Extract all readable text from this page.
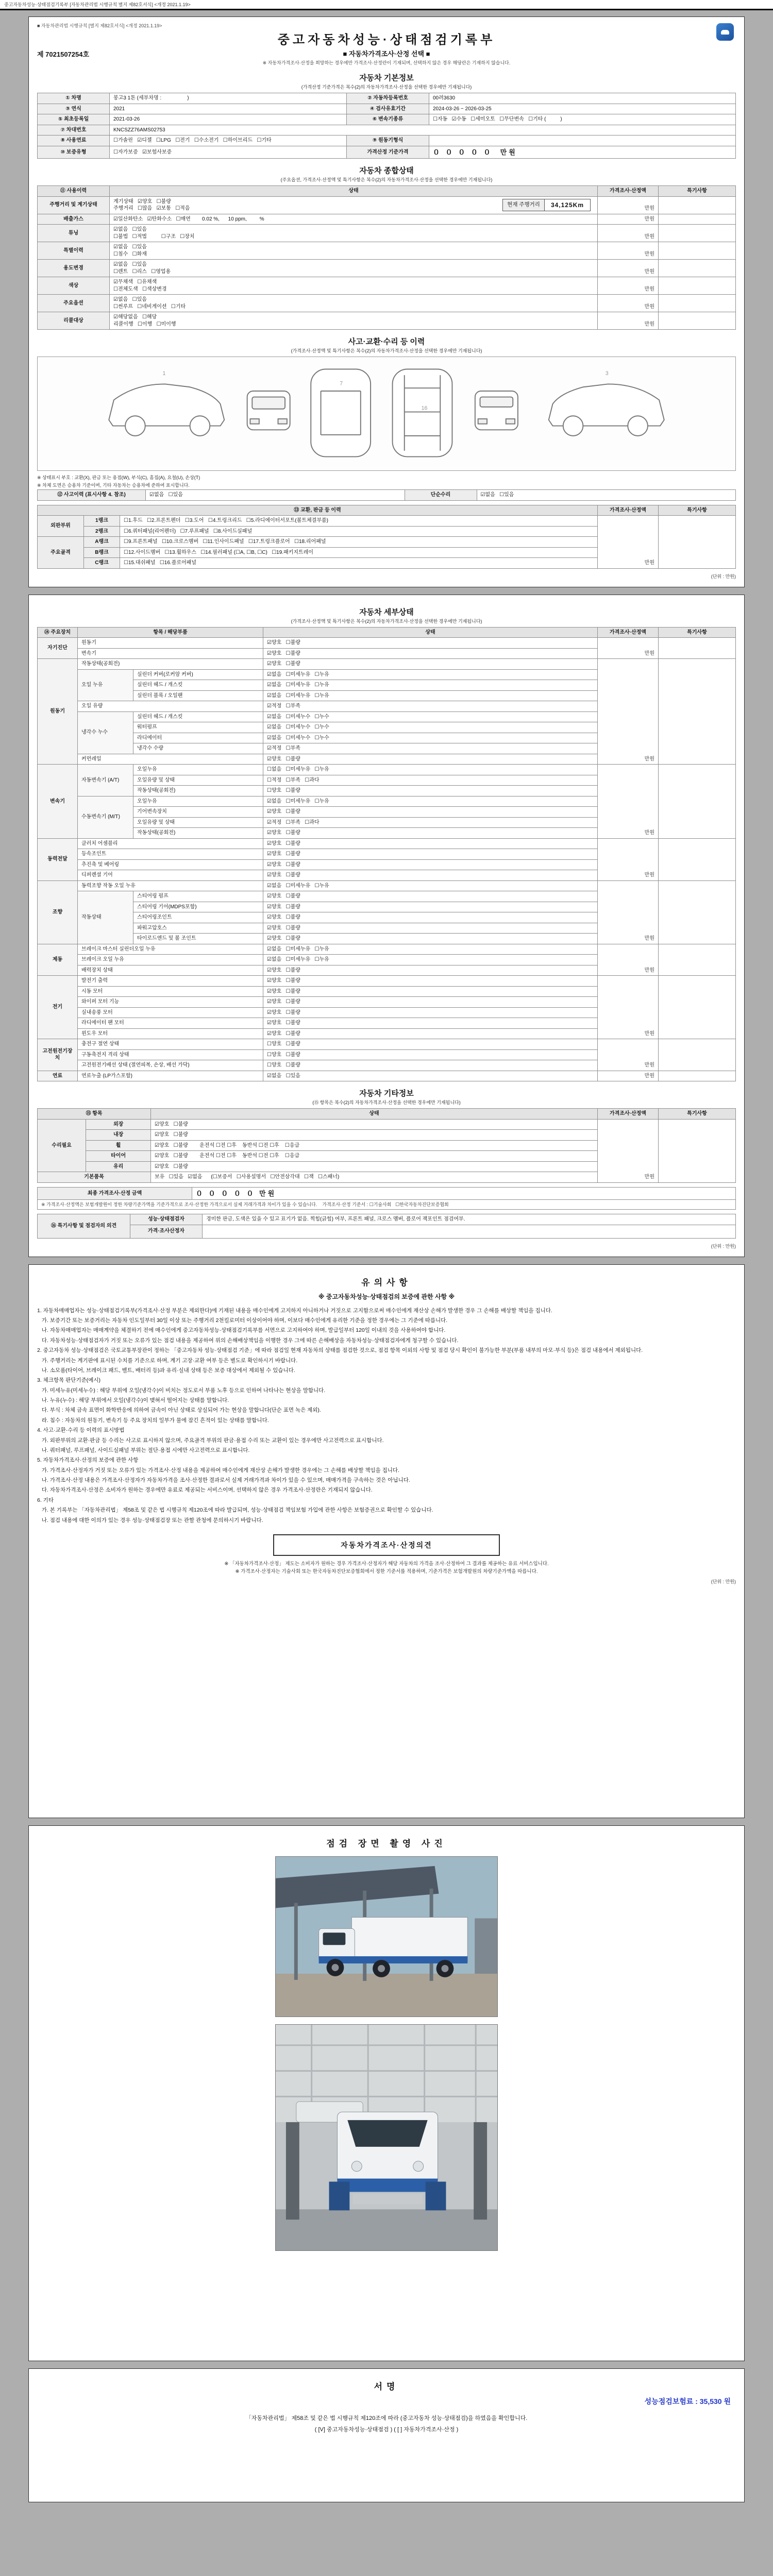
중고자동차성능·상태점검기록부 [자동차관리법 시행규칙 별지 제82호서식] <개정 2021.1.19>
■ 자동차관리법 시행규칙 [별지 제82호서식] <개정 2021.1.19>
중고자동차성능·상태점검기록부
■ 자동차가격조사·산정 선택 ■
※ 자동차가격조사·산정을 희망하는 경우에만 가격조사·산정란이 기재되며, 선택하지 않은 경우 해당란은 기재하지 않습니다.
제 7021507254호
자동차 기본정보
(가격산정 기준가격은 복수(2)의 자동차가격조사·산정을 선택한 경우에만 기재됩니다)
① 차명	봉고3 1톤 (세부차명 :                  )	② 자동차등록번호	00려3630
③ 연식	2021	④ 검사유효기간	2024-03-26 ~ 2026-03-25
⑤ 최초등록일	2021-03-26	⑥ 변속기종류	☐자동   ☑수동   ☐세미오토   ☐무단변속   ☐기타 (          )
⑦ 차대번호	KNCSZZ76AMS02753		
⑧ 사용연료	☐가솔린   ☑디젤   ☐LPG   ☐전기   ☐수소전기   ☐하이브리드   ☐기타	⑨ 원동기형식	
⑩ 보증유형	☐자가보증   ☑보험사보증	가격산정 기준가격	０ ０ ０ ０ ０  만원
자동차 종합상태
(주요옵션, 가격조사·산정액 및 특기사항은 복수(2)의 자동차가격조사·산정을 선택한 경우에만 기재됩니다)
⑪ 사용이력	상태	가격조사·산정액	특기사항
주행거리 및 계기상태	계기상태   ☑양호   ☐불량
주행거리   ☐많음   ☑보통   ☐적음
현재 주행거리 34,125Km	만원	
배출가스	☑일산화탄소   ☑탄화수소   ☐매연        0.02 %,      10 ppm,         %	만원	
튜닝	☑없음   ☐있음
☐불법   ☐적법          ☐구조   ☐장치	만원	
특별이력	☑없음   ☐있음
☐침수   ☐화재	만원	
용도변경	☑없음   ☐있음
☐렌트   ☐리스   ☐영업용	만원	
색상	☑무채색   ☐유채색
☐전체도색   ☐색상변경	만원	
주요옵션	☑없음   ☐있음
☐썬루프   ☐네비게이션   ☐기타	만원	
리콜대상	☑해당없음   ☐해당
리콜이행   ☐이행   ☐미이행	만원	
사고·교환·수리 등 이력
(가격조사·산정액 및 특기사항은 복수(2)의 자동차가격조사·산정을 선택한 경우에만 기재됩니다)
1
7
16
3
※ 상태표시 부호 : 교환(X), 판금 또는 용접(W), 부식(C), 흠집(A), 요철(U), 손상(T)
※ 차체 도면은 승용차 기준이며, 기타 자동차는 승용차에 준하여 표시합니다.
⑫ 사고이력 (표시사항 4. 참조)	☑없음   ☐있음	단순수리	☑없음   ☐있음
⑬ 교환, 판금 등 이력			가격조사·산정액	특기사항
외판부위	1랭크	☐1.후드   ☐2.프론트펜더   ☐3.도어   ☐4.트렁크리드   ☐5.라디에이터서포트(볼트체결부품)	만원	
	2랭크	☐6.쿼터패널(리어펜더)   ☐7.루프패널   ☐8.사이드실패널		
주요골격	A랭크	☐9.프론트패널   ☐10.크로스멤버   ☐11.인사이드패널   ☐17.트렁크플로어   ☐18.리어패널		
	B랭크	☐12.사이드멤버   ☐13.휠하우스   ☐14.필러패널 (☐A, ☐B, ☐C)   ☐19.패키지트레이		
	C랭크	☐15.대쉬패널   ☐16.플로어패널		
(단위 : 만원)
자동차 세부상태
(가격조사·산정액 및 특기사항은 복수(2)의 자동차가격조사·산정을 선택한 경우에만 기재됩니다)
⑭ 주요장치	항목 / 해당부품		상태	가격조사·산정액	특기사항
자기진단	원동기		☑양호   ☐불량	만원	
	변속기		☑양호   ☐불량		
원동기	작동상태(공회전)		☑양호   ☐불량	만원	
	오일 누유	실린더 커버(로커암 커버)	☑없음   ☐미세누유   ☐누유		
		실린더 헤드 / 개스킷	☑없음   ☐미세누유   ☐누유		
		실린더 블록 / 오일팬	☑없음   ☐미세누유   ☐누유		
	오일 유량		☑적정   ☐부족		
	냉각수 누수	실린더 헤드 / 개스킷	☑없음   ☐미세누수   ☐누수		
		워터펌프	☑없음   ☐미세누수   ☐누수		
		라디에이터	☑없음   ☐미세누수   ☐누수		
		냉각수 수량	☑적정   ☐부족		
	커먼레일		☑양호   ☐불량		
변속기	자동변속기 (A/T)	오일누유	☐없음   ☐미세누유   ☐누유	만원	
		오일유량 및 상태	☐적정   ☐부족   ☐과다		
		작동상태(공회전)	☐양호   ☐불량		
	수동변속기 (M/T)	오일누유	☑없음   ☐미세누유   ☐누유		
		기어변속장치	☑양호   ☐불량		
		오일유량 및 상태	☑적정   ☐부족   ☐과다		
		작동상태(공회전)	☑양호   ☐불량		
동력전달	클러치 어셈블리		☑양호   ☐불량	만원	
	등속조인트		☑양호   ☐불량		
	추진축 및 베어링		☑양호   ☐불량		
	디퍼렌셜 기어		☑양호   ☐불량		
조향	동력조향 작동 오일 누유		☑없음   ☐미세누유   ☐누유	만원	
	작동상태	스티어링 펌프	☑양호   ☐불량		
		스티어링 기어(MDPS포함)	☑양호   ☐불량		
		스티어링조인트	☑양호   ☐불량		
		파워고압호스	☑양호   ☐불량		
		타이로드엔드 및 볼 조인트	☑양호   ☐불량		
제동	브레이크 마스터 실린더오일 누유		☑없음   ☐미세누유   ☐누유	만원	
	브레이크 오일 누유		☑없음   ☐미세누유   ☐누유		
	배력장치 상태		☑양호   ☐불량		
전기	발전기 출력		☑양호   ☐불량	만원	
	시동 모터		☑양호   ☐불량		
	와이퍼 모터 기능		☑양호   ☐불량		
	실내송풍 모터		☑양호   ☐불량		
	라디에이터 팬 모터		☑양호   ☐불량		
	윈도우 모터		☑양호   ☐불량		
고전원전기장치	충전구 절연 상태		☐양호   ☐불량	만원	
	구동축전지 격리 상태		☐양호   ☐불량		
	고전원전기배선 상태 (절연피복, 손상, 배선 가닥)		☐양호   ☐불량		
연료	연료누출 (LP가스포함)		☑없음   ☐있음	만원	
자동차 기타정보
(⑮ 항목은 복수(2)의 자동차가격조사·산정을 선택한 경우에만 기재됩니다)
⑮ 항목		상태	가격조사·산정액	특기사항
수리필요	외장	☑양호   ☐불량	만원	
	내장	☑양호   ☐불량		
	휠	☑양호   ☐불량        운전석 ☐전 ☐후    동반석 ☐전 ☐후    ☐응급		
	타이어	☑양호   ☐불량        운전석 ☐전 ☐후    동반석 ☐전 ☐후    ☐응급		
	유리	☑양호   ☐불량		
기본품목		보유   ☐있음   ☑없음      (☐보증서   ☐사용설명서   ☐안전삼각대   ☐잭   ☐스패너)		
최종 가격조사·산정 금액	０ ０ ０ ０ ０ 만원
※ 가격조사·산정액은 보험개발원이 정한 차량기준가액을 기준가격으로 조사·산정한 가격으로서 실제 거래가격과 차이가 있을 수 있습니다.    가격조사·산정 기준서 : ☐기술사회   ☐한국자동차진단보증협회
⑯ 특기사항 및 점검자의 의견	성능·상태점검자	경미한 판금, 도색은 있을 수 있고 표기가 없음. 찍힘(긁힘) 여부, 프론트 패널, 크로스 멤버, 플로어 잭포인트 점검여부.
	가격·조사산정자	
(단위 : 만원)
유의사항
※ 중고자동차성능·상태점검의 보증에 관한 사항 ※
1. 자동차매매업자는 성능·상태점검기록부(가격조사·산정 부분은 제외한다)에 기재된 내용을 매수인에게 고지하지 아니하거나 거짓으로 고지함으로써 매수인에게 재산상 손해가 발생한 경우 그 손해를 배상할 책임을 집니다.
가. 보증기간 또는 보증거리는 자동차 인도일부터 30일 이상 또는 주행거리 2천킬로미터 이상이어야 하며, 이보다 매수인에게 유리한 기준을 정한 경우에는 그 기준에 따릅니다.
나. 자동차매매업자는 매매계약을 체결하기 전에 매수인에게 중고자동차성능·상태점검기록부를 서면으로 고지하여야 하며, 발급일부터 120일 이내의 것을 사용하여야 합니다.
다. 자동차성능·상태점검자가 거짓 또는 오류가 있는 점검 내용을 제공하여 위의 손해배상책임을 이행한 경우 그에 따른 손해배상을 자동차성능·상태점검자에게 청구할 수 있습니다.
2. 중고자동차 성능·상태점검은 국토교통부장관이 정하는 「중고자동차 성능·상태점검 기준」에 따라 점검일 현재 자동차의 상태를 점검한 것으로, 점검 항목 이외의 사항 및 점검 당시 확인이 불가능한 부분(부품 내부의 마모·부식 등)은 점검 내용에서 제외됩니다.
가. 주행거리는 계기판에 표시된 수치를 기준으로 하며, 계기 고장·교환 여부 등은 별도로 확인하시기 바랍니다.
나. 소모품(타이어, 브레이크 패드, 벨트, 배터리 등)과 유리·실내 상태 등은 보증 대상에서 제외될 수 있습니다.
3. 체크항목 판단기준(예시)
가. 미세누유(미세누수) : 해당 부위에 오일(냉각수)이 비치는 정도로서 부품 노후 등으로 인하여 나타나는 현상을 말합니다.
나. 누유(누수) : 해당 부위에서 오일(냉각수)이 맺혀서 떨어지는 상태를 말합니다.
다. 부식 : 차체 금속 표면이 화학반응에 의하여 금속이 아닌 상태로 상실되어 가는 현상을 말합니다(단순 표면 녹은 제외).
라. 침수 : 자동차의 원동기, 변속기 등 주요 장치의 일부가 물에 잠긴 흔적이 있는 상태를 말합니다.
4. 사고·교환·수리 등 이력의 표시방법
가. 외판부위의 교환·판금 등 수리는 사고로 표시하지 않으며, 주요골격 부위의 판금·용접 수리 또는 교환이 있는 경우에만 사고전력으로 표시합니다.
나. 쿼터패널, 루프패널, 사이드실패널 부위는 절단·용접 시에만 사고전력으로 표시합니다.
5. 자동차가격조사·산정의 보증에 관한 사항
가. 가격조사·산정자가 거짓 또는 오류가 있는 가격조사·산정 내용을 제공하여 매수인에게 재산상 손해가 발생한 경우에는 그 손해를 배상할 책임을 집니다.
나. 가격조사·산정 내용은 가격조사·산정자가 자동차가격을 조사·산정한 결과로서 실제 거래가격과 차이가 있을 수 있으며, 매매가격을 구속하는 것은 아닙니다.
다. 자동차가격조사·산정은 소비자가 원하는 경우에만 유료로 제공되는 서비스이며, 선택하지 않은 경우 가격조사·산정란은 기재되지 않습니다.
6. 기타
가. 본 기록부는 「자동차관리법」 제58조 및 같은 법 시행규칙 제120조에 따라 발급되며, 성능·상태점검 책임보험 가입에 관한 사항은 보험증권으로 확인할 수 있습니다.
나. 점검 내용에 대한 이의가 있는 경우 성능·상태점검장 또는 관할 관청에 문의하시기 바랍니다.
자동차가격조사·산정의견
※ 「자동차가격조사·산정」 제도는 소비자가 원하는 경우 가격조사·산정자가 해당 자동차의 가격을 조사·산정하여 그 결과를 제공하는 유료 서비스입니다.
※ 가격조사·산정자는 기술사회 또는 한국자동차진단보증협회에서 정한 기준서를 적용하며, 기준가격은 보험개발원의 차량기준가액을 따릅니다.
(단위 : 만원)
점검 장면 촬영 사진
서명
성능점검보험료 : 35,530 원
「자동차관리법」 제58조 및 같은 법 시행규칙 제120조에 따라 (중고자동차 성능·상태점검)을 하였음을 확인합니다.
( [V] 중고자동차성능·상태점검 ) ( [ ] 자동차가격조사·산정 )
